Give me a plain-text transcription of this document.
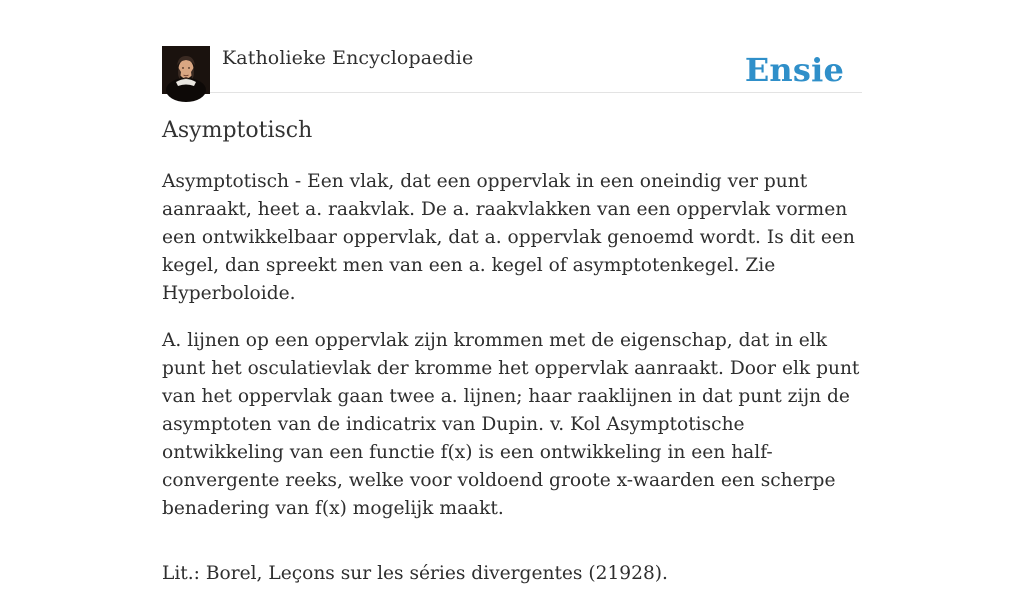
Katholieke Encyclopaedie	Ensie
Asymptotisch

Asymptotisch - Een vlak, dat een oppervlak in een oneindig ver punt aanraakt, heet a. raakvlak. De a. raakvlakken van een oppervlak vormen een ontwikkelbaar oppervlak, dat a. oppervlak genoemd wordt. Is dit een kegel, dan spreekt men van een a. kegel of asymptotenkegel. Zie Hyperboloide.

A. lijnen op een oppervlak zijn krommen met de eigenschap, dat in elk punt het osculatievlak der kromme het oppervlak aanraakt. Door elk punt van het oppervlak gaan twee a. lijnen; haar raaklijnen in dat punt zijn de asymptoten van de indicatrix van Dupin. v. Kol Asymptotische ontwikkeling van een functie f(x) is een ontwikkeling in een half-convergente reeks, welke voor voldoend groote x-waarden een scherpe benadering van f(x) mogelijk maakt.

Lit.: Borel, Leçons sur les séries divergentes (21928).
